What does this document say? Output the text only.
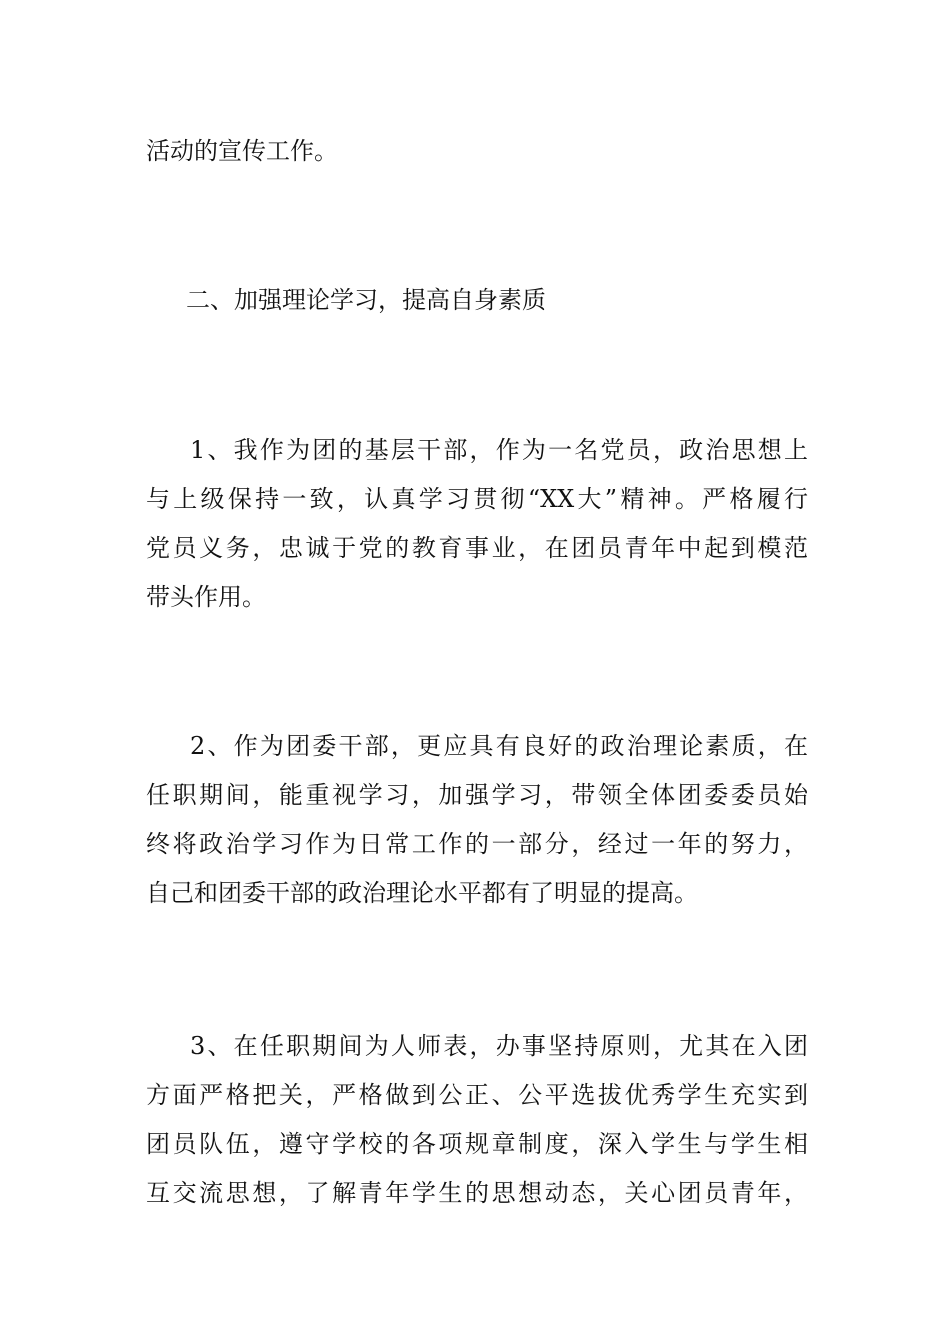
活动的宣传工作。

二、加强理论学习，提高自身素质

1、我作为团的基层干部，作为一名党员，政治思想上
与上级保持一致，认真学习贯彻“XX大”精神。严格履行
党员义务，忠诚于党的教育事业，在团员青年中起到模范
带头作用。

2、作为团委干部，更应具有良好的政治理论素质，在
任职期间，能重视学习，加强学习，带领全体团委委员始
终将政治学习作为日常工作的一部分，经过一年的努力，
自己和团委干部的政治理论水平都有了明显的提高。

3、在任职期间为人师表，办事坚持原则，尤其在入团
方面严格把关，严格做到公正、公平选拔优秀学生充实到
团员队伍，遵守学校的各项规章制度，深入学生与学生相
互交流思想，了解青年学生的思想动态，关心团员青年，
